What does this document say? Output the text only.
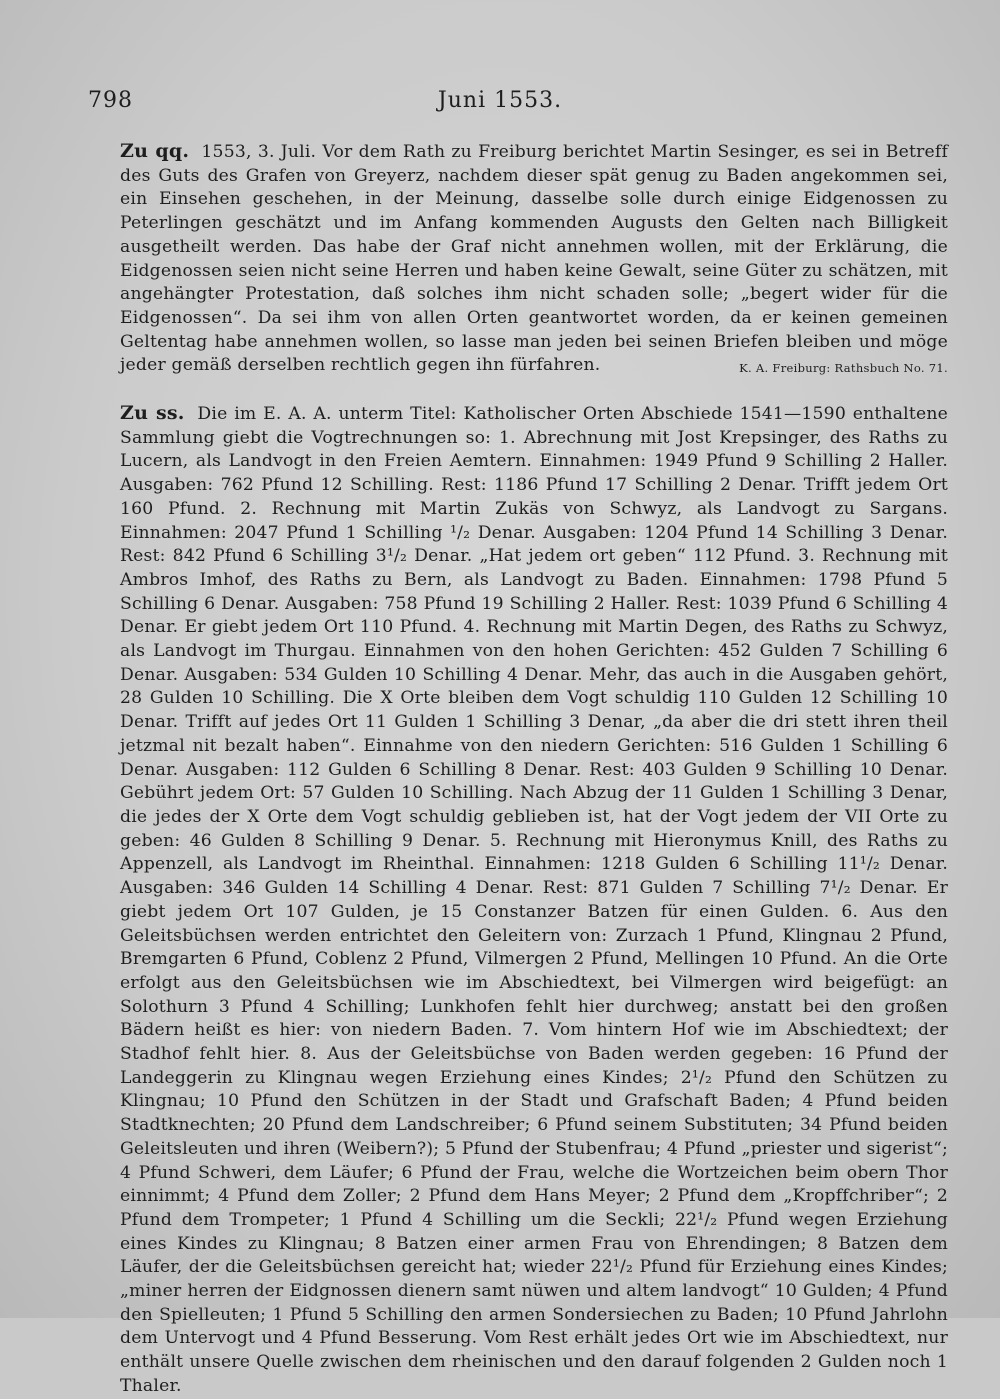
798	Juni 1553.

Zu qq. 1553, 3. Juli. Vor dem Rath zu Freiburg berichtet Martin Sesinger, es sei in Betreff des Guts des Grafen von Greyerz, nachdem dieser spät genug zu Baden angekommen sei, ein Einsehen geschehen, in der Meinung, dasselbe solle durch einige Eidgenossen zu Peterlingen geschätzt und im Anfang kommenden Augusts den Gelten nach Billigkeit ausgetheilt werden. Das habe der Graf nicht annehmen wollen, mit der Erklärung, die Eidgenossen seien nicht seine Herren und haben keine Gewalt, seine Güter zu schätzen, mit angehängter Protestation, daß solches ihm nicht schaden solle; „begert wider für die Eidgenossen“. Da sei ihm von allen Orten geantwortet worden, da er keinen gemeinen Geltentag habe annehmen wollen, so lasse man jeden bei seinen Briefen bleiben und möge jeder gemäß derselben rechtlich gegen ihn fürfahren.	K. A. Freiburg: Rathsbuch No. 71.

Zu ss. Die im E. A. A. unterm Titel: Katholischer Orten Abschiede 1541—1590 enthaltene Sammlung giebt die Vogtrechnungen so: 1. Abrechnung mit Jost Krepsinger, des Raths zu Lucern, als Landvogt in den Freien Aemtern. Einnahmen: 1949 Pfund 9 Schilling 2 Haller. Ausgaben: 762 Pfund 12 Schilling. Rest: 1186 Pfund 17 Schilling 2 Denar. Trifft jedem Ort 160 Pfund. 2. Rechnung mit Martin Zukäs von Schwyz, als Landvogt zu Sargans. Einnahmen: 2047 Pfund 1 Schilling ¹/₂ Denar. Ausgaben: 1204 Pfund 14 Schilling 3 Denar. Rest: 842 Pfund 6 Schilling 3¹/₂ Denar. „Hat jedem ort geben“ 112 Pfund. 3. Rechnung mit Ambros Imhof, des Raths zu Bern, als Landvogt zu Baden. Einnahmen: 1798 Pfund 5 Schilling 6 Denar. Ausgaben: 758 Pfund 19 Schilling 2 Haller. Rest: 1039 Pfund 6 Schilling 4 Denar. Er giebt jedem Ort 110 Pfund. 4. Rechnung mit Martin Degen, des Raths zu Schwyz, als Landvogt im Thurgau. Einnahmen von den hohen Gerichten: 452 Gulden 7 Schilling 6 Denar. Ausgaben: 534 Gulden 10 Schilling 4 Denar. Mehr, das auch in die Ausgaben gehört, 28 Gulden 10 Schilling. Die X Orte bleiben dem Vogt schuldig 110 Gulden 12 Schilling 10 Denar. Trifft auf jedes Ort 11 Gulden 1 Schilling 3 Denar, „da aber die dri stett ihren theil jetzmal nit bezalt haben“. Einnahme von den niedern Gerichten: 516 Gulden 1 Schilling 6 Denar. Ausgaben: 112 Gulden 6 Schilling 8 Denar. Rest: 403 Gulden 9 Schilling 10 Denar. Gebührt jedem Ort: 57 Gulden 10 Schilling. Nach Abzug der 11 Gulden 1 Schilling 3 Denar, die jedes der X Orte dem Vogt schuldig geblieben ist, hat der Vogt jedem der VII Orte zu geben: 46 Gulden 8 Schilling 9 Denar. 5. Rechnung mit Hieronymus Knill, des Raths zu Appenzell, als Landvogt im Rheinthal. Einnahmen: 1218 Gulden 6 Schilling 11¹/₂ Denar. Ausgaben: 346 Gulden 14 Schilling 4 Denar. Rest: 871 Gulden 7 Schilling 7¹/₂ Denar. Er giebt jedem Ort 107 Gulden, je 15 Constanzer Batzen für einen Gulden. 6. Aus den Geleitsbüchsen werden entrichtet den Geleitern von: Zurzach 1 Pfund, Klingnau 2 Pfund, Bremgarten 6 Pfund, Coblenz 2 Pfund, Vilmergen 2 Pfund, Mellingen 10 Pfund. An die Orte erfolgt aus den Geleitsbüchsen wie im Abschiedtext, bei Vilmergen wird beigefügt: an Solothurn 3 Pfund 4 Schilling; Lunkhofen fehlt hier durchweg; anstatt bei den großen Bädern heißt es hier: von niedern Baden. 7. Vom hintern Hof wie im Abschiedtext; der Stadhof fehlt hier. 8. Aus der Geleitsbüchse von Baden werden gegeben: 16 Pfund der Landeggerin zu Klingnau wegen Erziehung eines Kindes; 2¹/₂ Pfund den Schützen zu Klingnau; 10 Pfund den Schützen in der Stadt und Grafschaft Baden; 4 Pfund beiden Stadtknechten; 20 Pfund dem Landschreiber; 6 Pfund seinem Substituten; 34 Pfund beiden Geleitsleuten und ihren (Weibern?); 5 Pfund der Stubenfrau; 4 Pfund „priester und sigerist“; 4 Pfund Schweri, dem Läufer; 6 Pfund der Frau, welche die Wortzeichen beim obern Thor einnimmt; 4 Pfund dem Zoller; 2 Pfund dem Hans Meyer; 2 Pfund dem „Kropffchriber“; 2 Pfund dem Trompeter; 1 Pfund 4 Schilling um die Seckli; 22¹/₂ Pfund wegen Erziehung eines Kindes zu Klingnau; 8 Batzen einer armen Frau von Ehrendingen; 8 Batzen dem Läufer, der die Geleitsbüchsen gereicht hat; wieder 22¹/₂ Pfund für Erziehung eines Kindes; „miner herren der Eidgnossen dienern samt nüwen und altem landvogt“ 10 Gulden; 4 Pfund den Spielleuten; 1 Pfund 5 Schilling den armen Sondersiechen zu Baden; 10 Pfund Jahrlohn dem Untervogt und 4 Pfund Besserung. Vom Rest erhält jedes Ort wie im Abschiedtext, nur enthält unsere Quelle zwischen dem rheinischen und den darauf folgenden 2 Gulden noch 1 Thaler.
